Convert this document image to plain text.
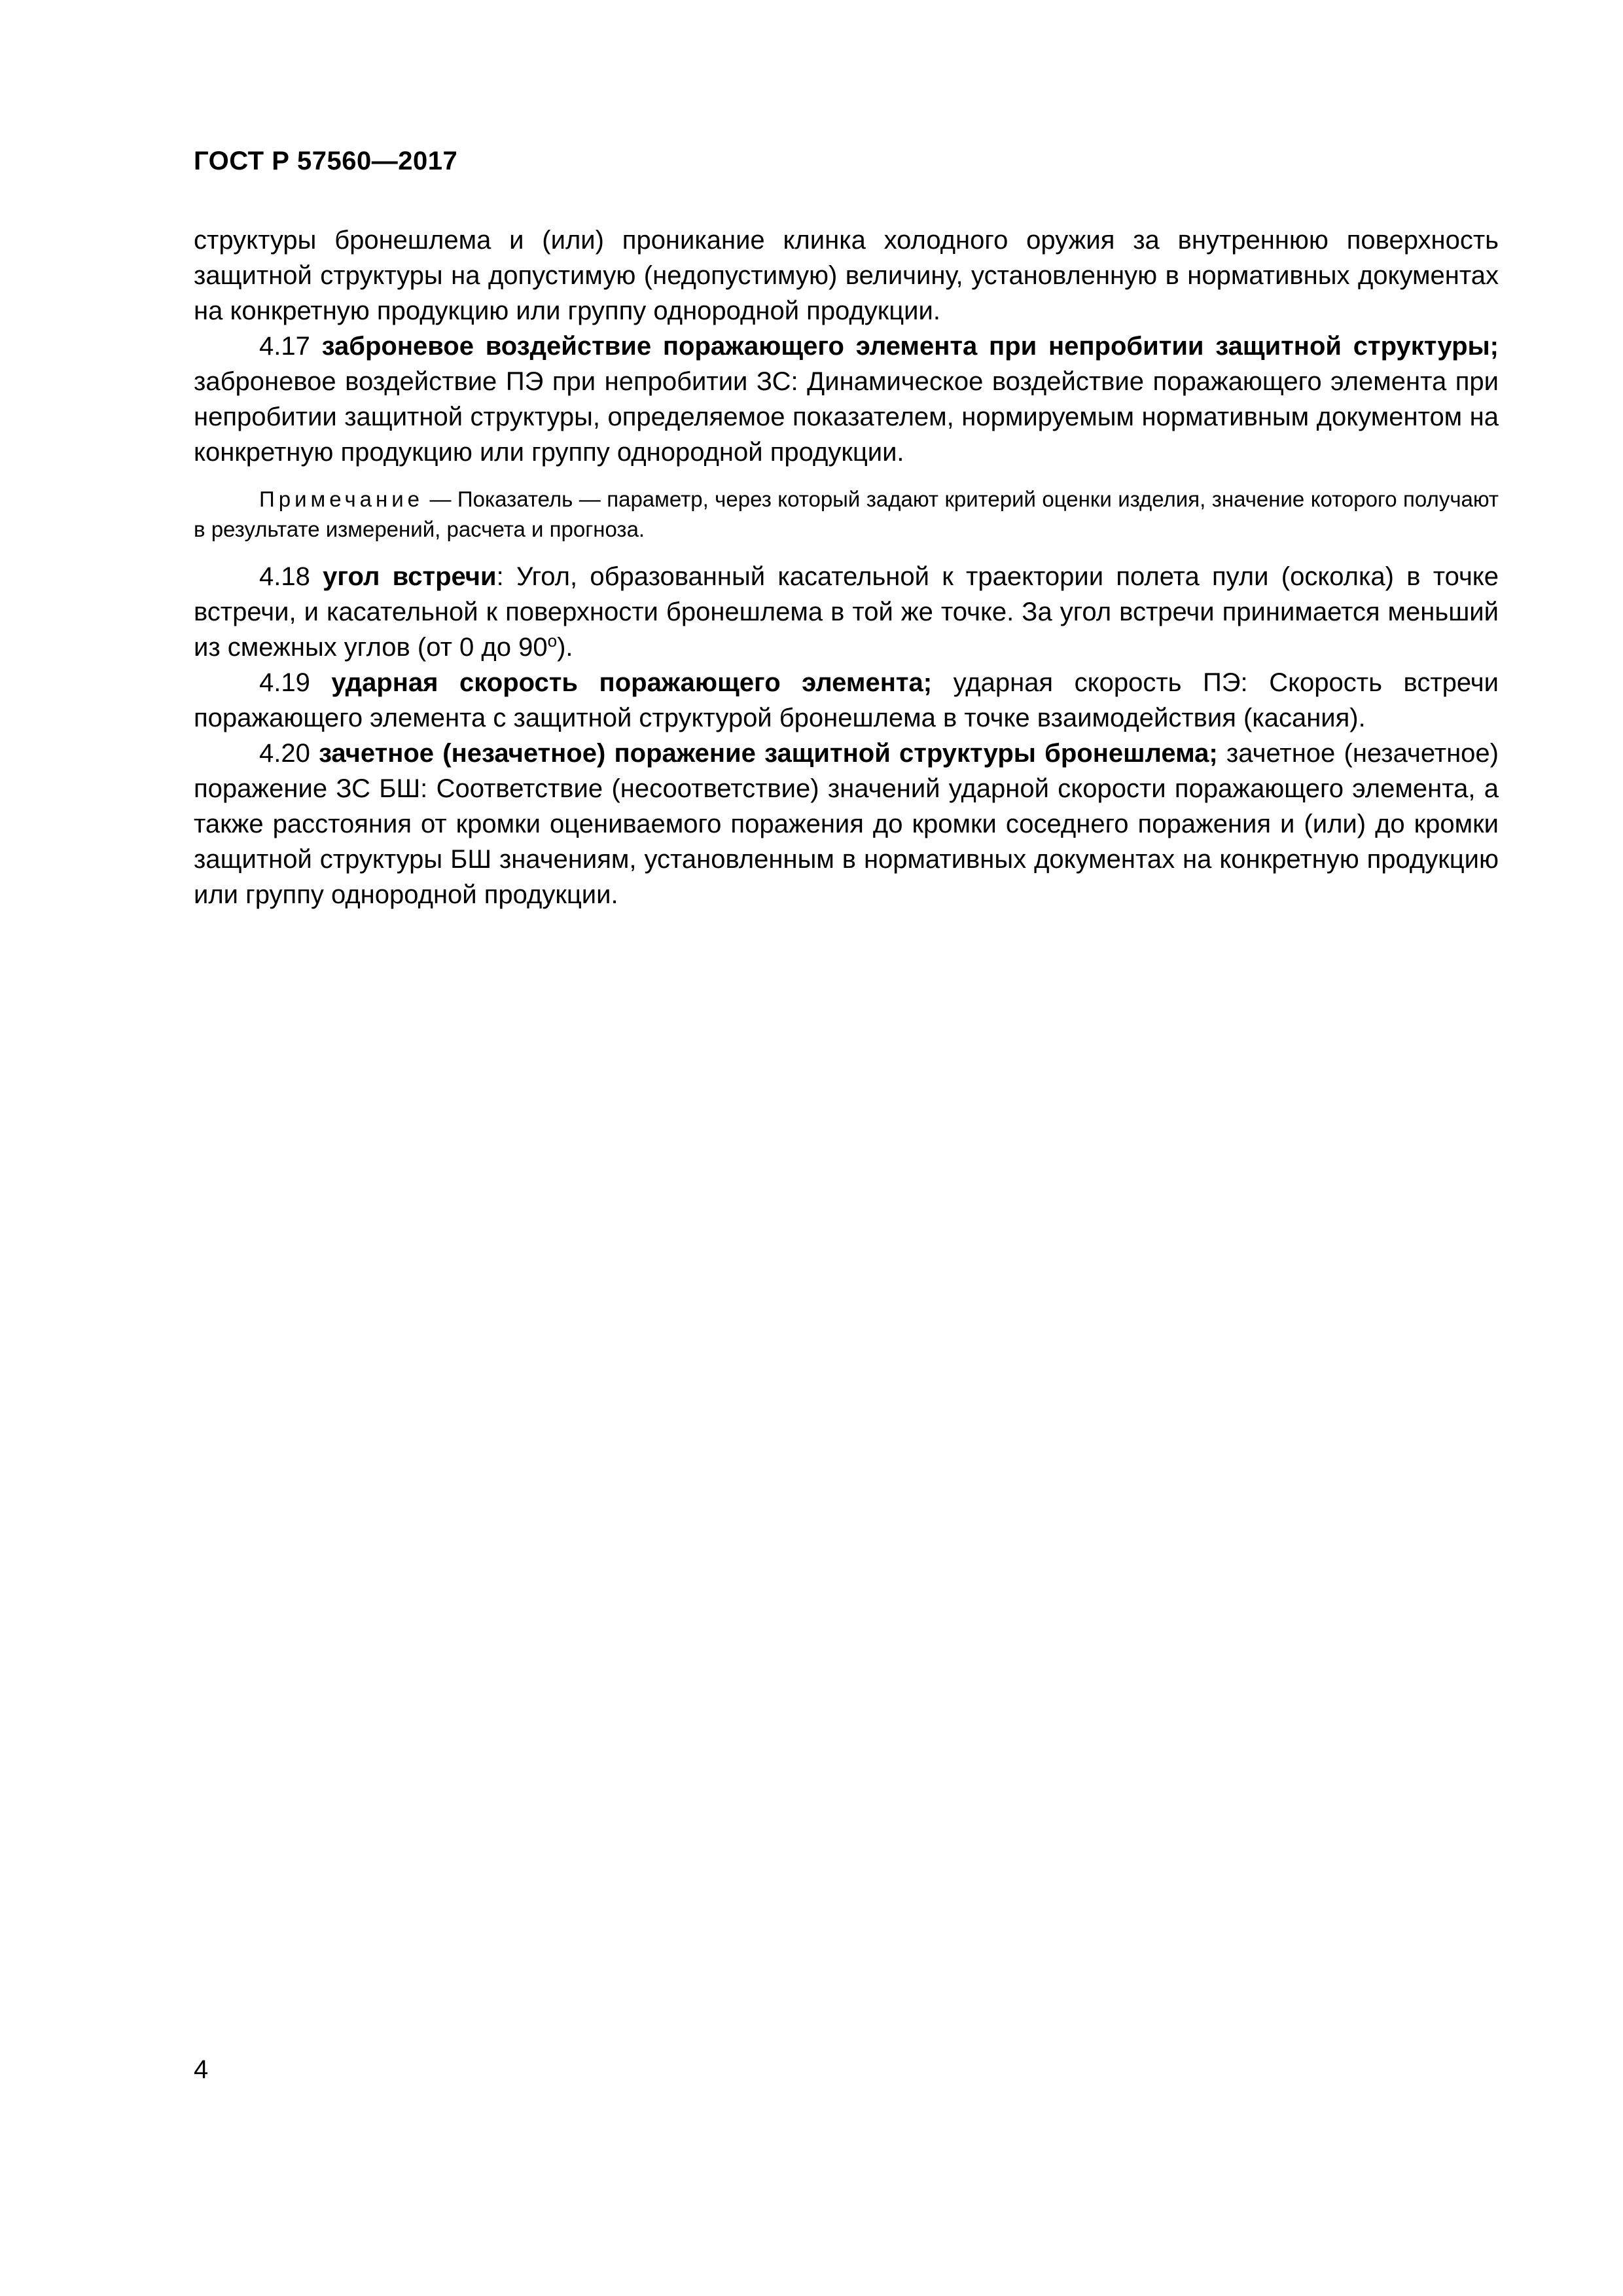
ГОСТ Р 57560—2017

структуры бронешлема и (или) проникание клинка холодного оружия за внутреннюю поверхность защитной структуры на допустимую (недопустимую) величину, установленную в нормативных документах на конкретную продукцию или группу однородной продукции.

4.17 заброневое воздействие поражающего элемента при непробитии защитной структуры; заброневое воздействие ПЭ при непробитии ЗС: Динамическое воздействие поражающего элемента при непробитии защитной структуры, определяемое показателем, нормируемым нормативным документом на конкретную продукцию или группу однородной продукции.

Примечание — Показатель — параметр, через который задают критерий оценки изделия, значение которого получают в результате измерений, расчета и прогноза.

4.18 угол встречи: Угол, образованный касательной к траектории полета пули (осколка) в точке встречи, и касательной к поверхности бронешлема в той же точке. За угол встречи принимается меньший из смежных углов (от 0 до $90^о$).

4.19 ударная скорость поражающего элемента; ударная скорость ПЭ: Скорость встречи поражающего элемента с защитной структурой бронешлема в точке взаимодействия (касания).

4.20 зачетное (незачетное) поражение защитной структуры бронешлема; зачетное (незачетное) поражение ЗС БШ: Соответствие (несоответствие) значений ударной скорости поражающего элемента, а также расстояния от кромки оцениваемого поражения до кромки соседнего поражения и (или) до кромки защитной структуры БШ значениям, установленным в нормативных документах на конкретную продукцию или группу однородной продукции.

4
